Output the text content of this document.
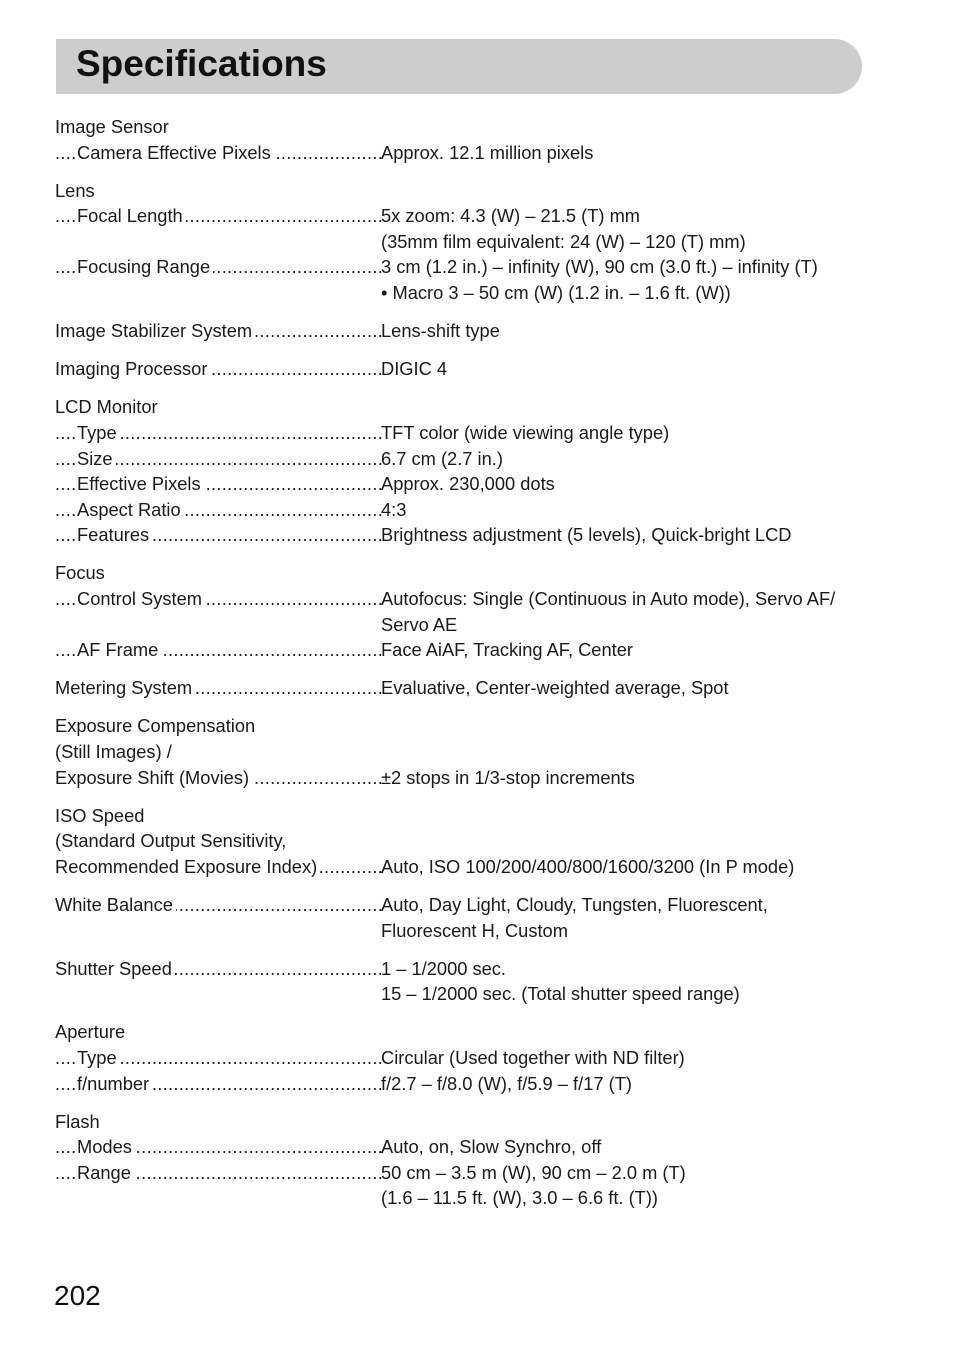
Specifications
Image Sensor
.....
Camera Effective Pixels	Approx. 12.1 million pixels
Lens
.....
Focal Length	5x zoom: 4.3 (W) – 21.5 (T) mm
(35mm film equivalent: 24 (W) – 120 (T) mm)
.....
Focusing Range	3 cm (1.2 in.) – infinity (W), 90 cm (3.0 ft.) – infinity (T)
• Macro 3 – 50 cm (W) (1.2 in. – 1.6 ft. (W))
.....
Image Stabilizer System	Lens-shift type
.....
Imaging Processor	DIGIC 4
LCD Monitor
.....
Type	TFT color (wide viewing angle type)
.....
Size	6.7 cm (2.7 in.)
.....
Effective Pixels	Approx. 230,000 dots
.....
Aspect Ratio	4:3
.....
Features	Brightness adjustment (5 levels), Quick-bright LCD
Focus
.....
Control System	Autofocus: Single (Continuous in Auto mode), Servo AF/
Servo AE
.....
AF Frame	Face AiAF, Tracking AF, Center
.....
Metering System	Evaluative, Center-weighted average, Spot
Exposure Compensation
(Still Images) /
.....
Exposure Shift (Movies)	±2 stops in 1/3-stop increments
ISO Speed
(Standard Output Sensitivity,
.....
Recommended Exposure Index)	Auto, ISO 100/200/400/800/1600/3200 (In P mode)
.....
White Balance	Auto, Day Light, Cloudy, Tungsten, Fluorescent,
Fluorescent H, Custom
.....
Shutter Speed	1 – 1/2000 sec.
15 – 1/2000 sec. (Total shutter speed range)
Aperture
.....
Type	Circular (Used together with ND filter)
.....
f/number	f/2.7 – f/8.0 (W), f/5.9 – f/17 (T)
Flash
.....
Modes	Auto, on, Slow Synchro, off
.....
Range	50 cm – 3.5 m (W), 90 cm – 2.0 m (T)
(1.6 – 11.5 ft. (W), 3.0 – 6.6 ft. (T))
202
